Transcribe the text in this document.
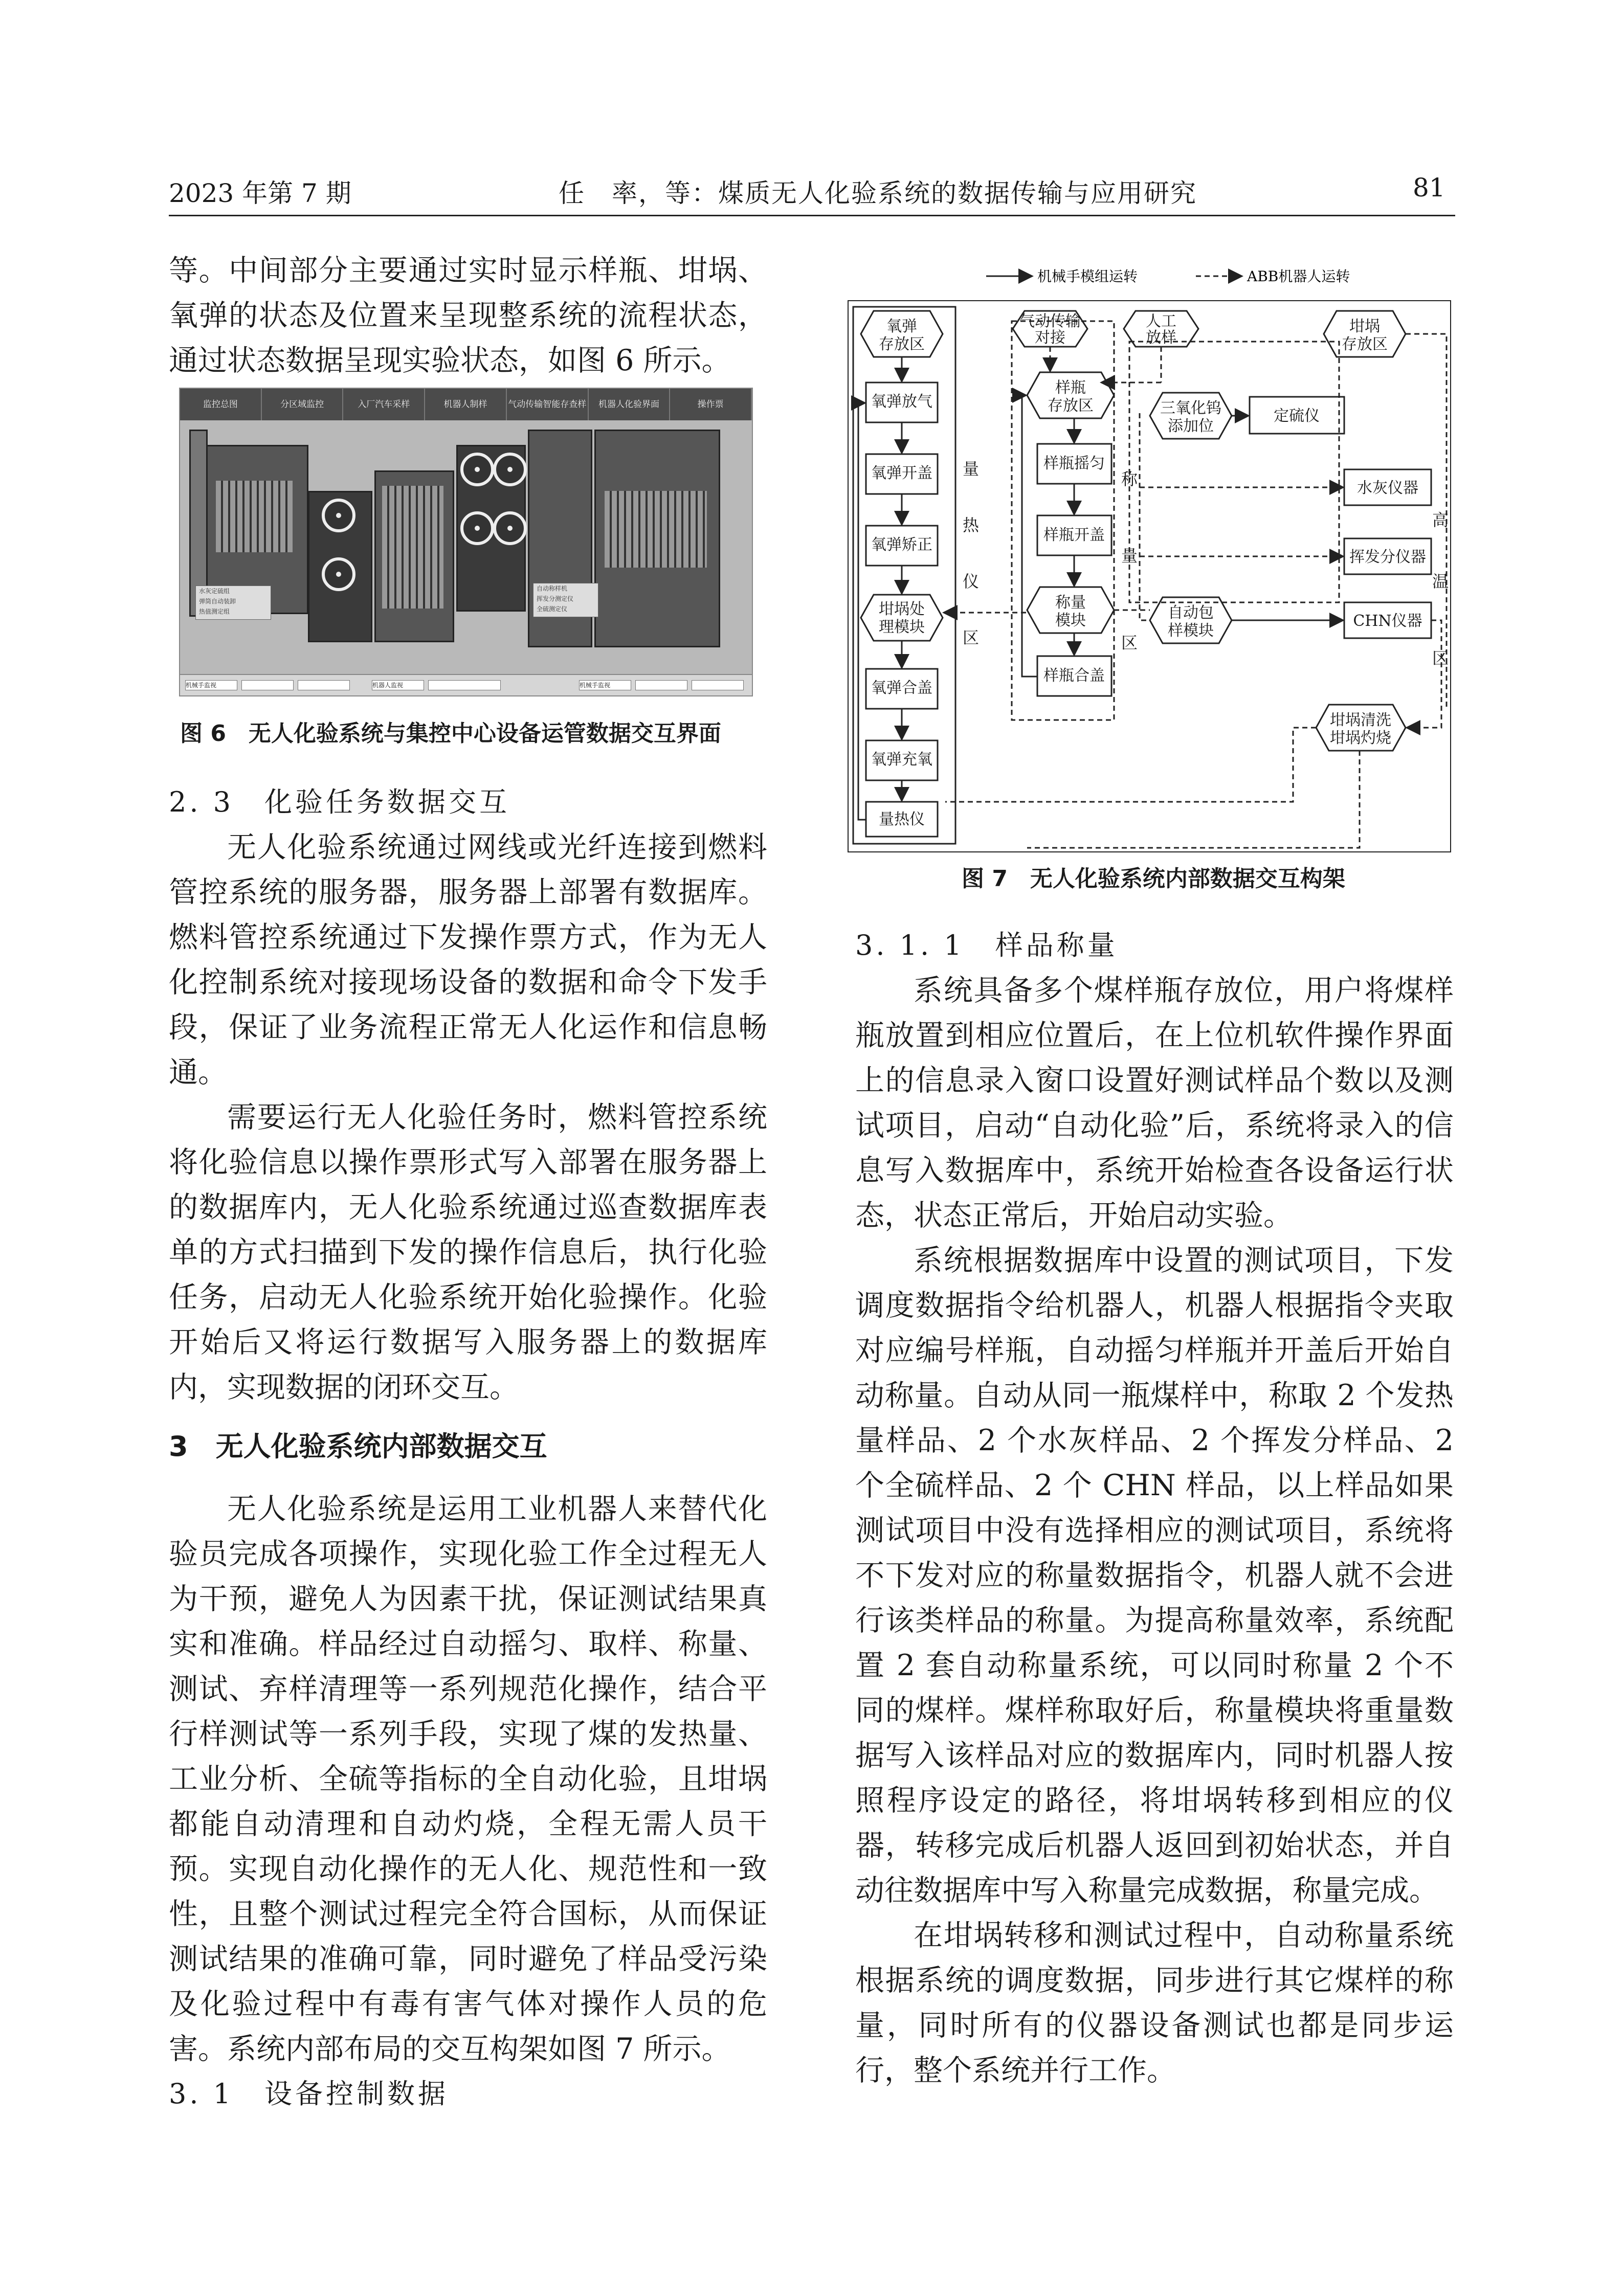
2023 年第 7 期	任　率，等：煤质无人化验系统的数据传输与应用研究	81

等。中间部分主要通过实时显示样瓶、坩埚、氧弹的状态及位置来呈现整系统的流程状态，通过状态数据呈现实验状态，如图 6 所示。

监控总图	分区域监控	入厂汽车采样	机器人制样	气动传输智能存查样	机器人化验界面	操作票
水灰定硫组
弹筒自动装卸
热值测定组
自动称样机
挥发分测定仪
全硫测定仪
机械手监视	机器人监视	机械手监视
图 6　无人化验系统与集控中心设备运管数据交互界面

2. 3　化验任务数据交互

无人化验系统通过网线或光纤连接到燃料管控系统的服务器，服务器上部署有数据库。燃料管控系统通过下发操作票方式，作为无人化控制系统对接现场设备的数据和命令下发手段，保证了业务流程正常无人化运作和信息畅通。

需要运行无人化验任务时，燃料管控系统将化验信息以操作票形式写入部署在服务器上的数据库内，无人化验系统通过巡查数据库表单的方式扫描到下发的操作信息后，执行化验任务，启动无人化验系统开始化验操作。化验开始后又将运行数据写入服务器上的数据库内，实现数据的闭环交互。

3　无人化验系统内部数据交互

无人化验系统是运用工业机器人来替代化验员完成各项操作，实现化验工作全过程无人为干预，避免人为因素干扰，保证测试结果真实和准确。样品经过自动摇匀、取样、称量、测试、弃样清理等一系列规范化操作，结合平行样测试等一系列手段，实现了煤的发热量、工业分析、全硫等指标的全自动化验，且坩埚都能自动清理和自动灼烧，全程无需人员干预。实现自动化操作的无人化、规范性和一致性，且整个测试过程完全符合国标，从而保证测试结果的准确可靠，同时避免了样品受污染及化验过程中有毒有害气体对操作人员的危害。系统内部布局的交互构架如图 7 所示。

3. 1　设备控制数据

机械手模组运转	ABB机器人运转
氧弹
存放区
氧弹放气
氧弹开盖
氧弹矫正
坩埚处
理模块
氧弹合盖
氧弹充氧
量热仪
量
热
仪
区
气动传输
对接
人工
放样
坩埚
存放区
样瓶
存放区
样瓶摇匀
样瓶开盖
称量
模块
样瓶合盖
称
量
区
三氧化钨
添加位
自动包
样模块
坩埚清洗
坩埚灼烧
定硫仪
水灰仪器
挥发分仪器
CHN仪器
高
温
区
图 7　无人化验系统内部数据交互构架

3. 1. 1　样品称量

系统具备多个煤样瓶存放位，用户将煤样瓶放置到相应位置后，在上位机软件操作界面上的信息录入窗口设置好测试样品个数以及测试项目，启动“自动化验”后，系统将录入的信息写入数据库中，系统开始检查各设备运行状态，状态正常后，开始启动实验。

系统根据数据库中设置的测试项目，下发调度数据指令给机器人，机器人根据指令夹取对应编号样瓶，自动摇匀样瓶并开盖后开始自动称量。自动从同一瓶煤样中，称取 2 个发热量样品、2 个水灰样品、2 个挥发分样品、2 个全硫样品、2 个 CHN 样品，以上样品如果测试项目中没有选择相应的测试项目，系统将不下发对应的称量数据指令，机器人就不会进行该类样品的称量。为提高称量效率，系统配置 2 套自动称量系统，可以同时称量 2 个不同的煤样。煤样称取好后，称量模块将重量数据写入该样品对应的数据库内，同时机器人按照程序设定的路径，将坩埚转移到相应的仪器，转移完成后机器人返回到初始状态，并自动往数据库中写入称量完成数据，称量完成。

在坩埚转移和测试过程中，自动称量系统根据系统的调度数据，同步进行其它煤样的称量，同时所有的仪器设备测试也都是同步运行，整个系统并行工作。
